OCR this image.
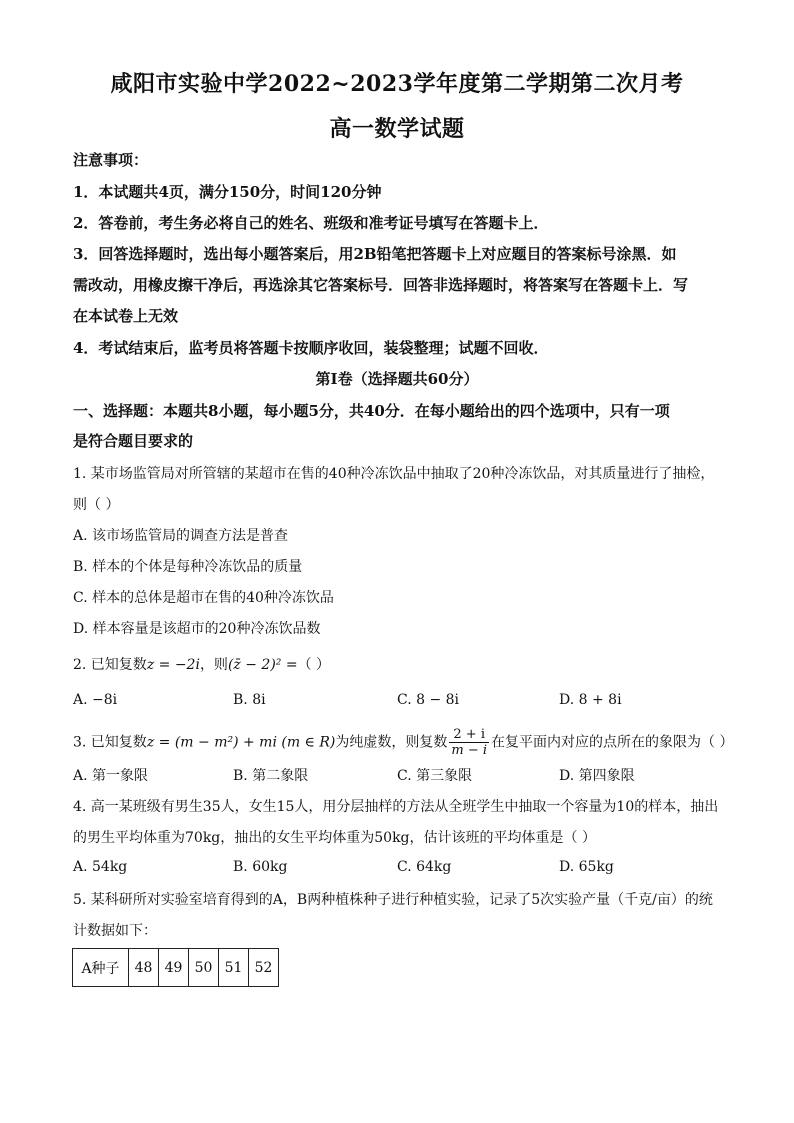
咸阳市实验中学2022~2023学年度第二学期第二次月考
高一数学试题
注意事项：
1．本试题共4页，满分150分，时间120分钟
2．答卷前，考生务必将自己的姓名、班级和准考证号填写在答题卡上．
3．回答选择题时，选出每小题答案后，用2B铅笔把答题卡上对应题目的答案标号涂黑．如
需改动，用橡皮擦干净后，再选涂其它答案标号．回答非选择题时，将答案写在答题卡上．写
在本试卷上无效
4．考试结束后，监考员将答题卡按顺序收回，装袋整理；试题不回收．
第Ⅰ卷（选择题共60分）
一、选择题：本题共8小题，每小题5分，共40分．在每小题给出的四个选项中，只有一项
是符合题目要求的
1. 某市场监管局对所管辖的某超市在售的40种冷冻饮品中抽取了20种冷冻饮品，对其质量进行了抽检，
则（ ）
A. 该市场监管局的调查方法是普查
B. 样本的个体是每种冷冻饮品的质量
C. 样本的总体是超市在售的40种冷冻饮品
D. 样本容量是该超市的20种冷冻饮品数
2. 已知复数z = −2i，则(z̄ − 2)² =（ ）
A. −8i	B. 8i	C. 8 − 8i	D. 8 + 8i
3. 已知复数z = (m − m²) + mi (m ∈ R)为纯虚数，则复数 $\frac{2 + i}{m - i}$ 在复平面内对应的点所在的象限为（ ）
A. 第一象限	B. 第二象限	C. 第三象限	D. 第四象限
4. 高一某班级有男生35人，女生15人，用分层抽样的方法从全班学生中抽取一个容量为10的样本，抽出
的男生平均体重为70kg，抽出的女生平均体重为50kg，估计该班的平均体重是（ ）
A. 54kg	B. 60kg	C. 64kg	D. 65kg
5. 某科研所对实验室培育得到的A，B两种植株种子进行种植实验，记录了5次实验产量（千克/亩）的统
计数据如下：
A种子	48	49	50	51	52
